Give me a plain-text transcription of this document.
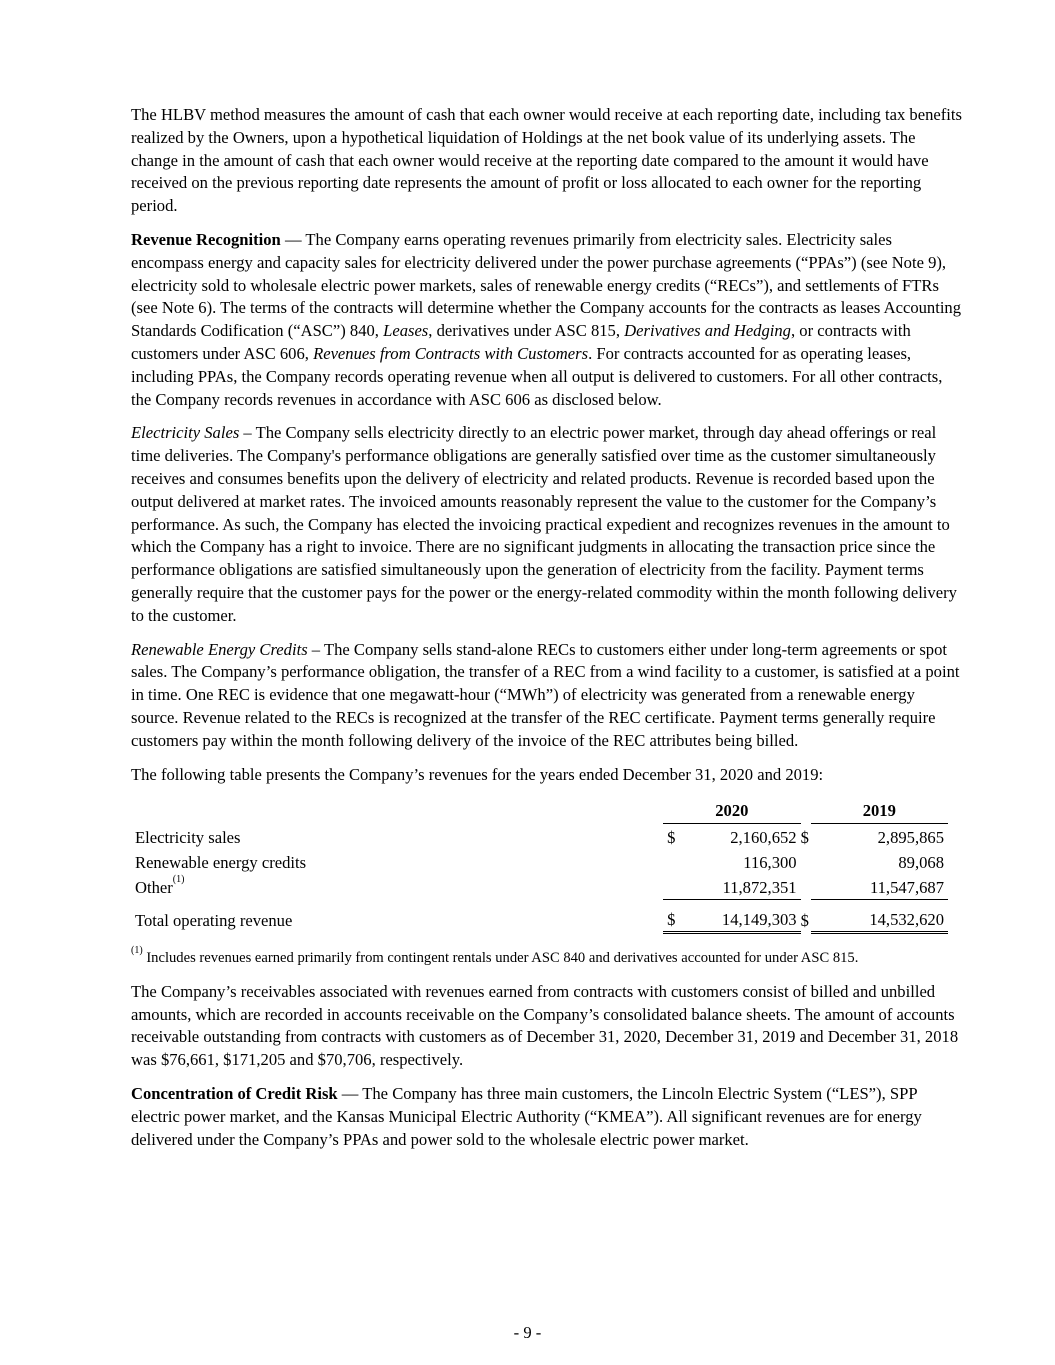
The HLBV method measures the amount of cash that each owner would receive at each reporting date, including tax benefits realized by the Owners, upon a hypothetical liquidation of Holdings at the net book value of its underlying assets. The change in the amount of cash that each owner would receive at the reporting date compared to the amount it would have received on the previous reporting date represents the amount of profit or loss allocated to each owner for the reporting period.

Revenue Recognition — The Company earns operating revenues primarily from electricity sales. Electricity sales encompass energy and capacity sales for electricity delivered under the power purchase agreements (“PPAs”) (see Note 9), electricity sold to wholesale electric power markets, sales of renewable energy credits (“RECs”), and settlements of FTRs (see Note 6). The terms of the contracts will determine whether the Company accounts for the contracts as leases Accounting Standards Codification (“ASC”) 840, Leases, derivatives under ASC 815, Derivatives and Hedging, or contracts with customers under ASC 606, Revenues from Contracts with Customers. For contracts accounted for as operating leases, including PPAs, the Company records operating revenue when all output is delivered to customers. For all other contracts, the Company records revenues in accordance with ASC 606 as disclosed below.

Electricity Sales – The Company sells electricity directly to an electric power market, through day ahead offerings or real time deliveries. The Company's performance obligations are generally satisfied over time as the customer simultaneously receives and consumes benefits upon the delivery of electricity and related products. Revenue is recorded based upon the output delivered at market rates. The invoiced amounts reasonably represent the value to the customer for the Company’s performance. As such, the Company has elected the invoicing practical expedient and recognizes revenues in the amount to which the Company has a right to invoice. There are no significant judgments in allocating the transaction price since the performance obligations are satisfied simultaneously upon the generation of electricity from the facility. Payment terms generally require that the customer pays for the power or the energy-related commodity within the month following delivery to the customer.

Renewable Energy Credits – The Company sells stand-alone RECs to customers either under long-term agreements or spot sales. The Company’s performance obligation, the transfer of a REC from a wind facility to a customer, is satisfied at a point in time. One REC is evidence that one megawatt-hour (“MWh”) of electricity was generated from a renewable energy source. Revenue related to the RECs is recognized at the transfer of the REC certificate. Payment terms generally require customers pay within the month following delivery of the invoice of the REC attributes being billed.

The following table presents the Company’s revenues for the years ended December 31, 2020 and 2019:

	2020			2019	
Electricity sales	$	2,160,652	$		2,895,865
Renewable energy credits		116,300			89,068
Other$^{(1)}$		11,872,351			11,547,687
Total operating revenue	$	14,149,303	$		14,532,620

$^{(1)}$ Includes revenues earned primarily from contingent rentals under ASC 840 and derivatives accounted for under ASC 815.

The Company’s receivables associated with revenues earned from contracts with customers consist of billed and unbilled amounts, which are recorded in accounts receivable on the Company’s consolidated balance sheets. The amount of accounts receivable outstanding from contracts with customers as of December 31, 2020, December 31, 2019 and December 31, 2018 was $76,661, $171,205 and $70,706, respectively.

Concentration of Credit Risk — The Company has three main customers, the Lincoln Electric System (“LES”), SPP electric power market, and the Kansas Municipal Electric Authority (“KMEA”). All significant revenues are for energy delivered under the Company’s PPAs and power sold to the wholesale electric power market.

- 9 -
